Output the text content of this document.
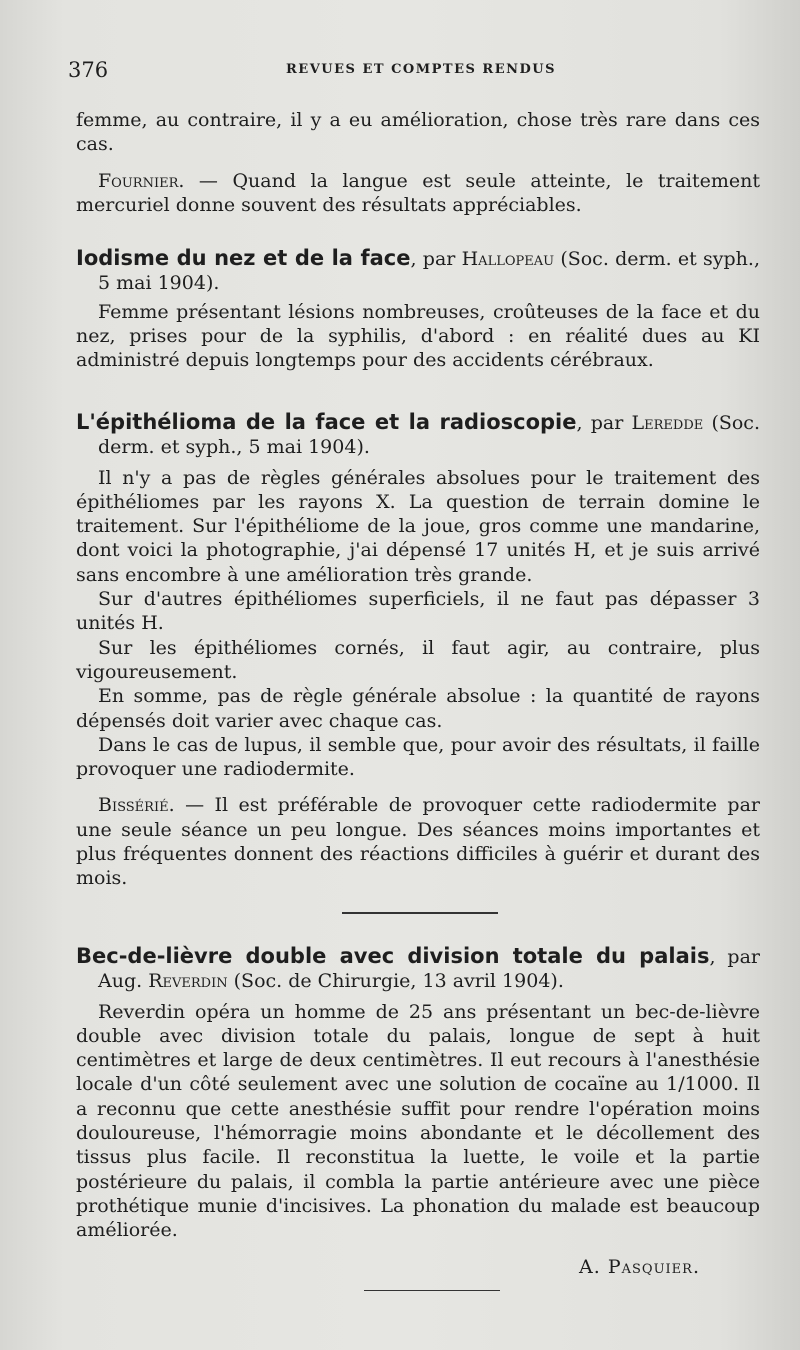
376	REVUES ET COMPTES RENDUS

femme, au contraire, il y a eu amélioration, chose très rare dans ces cas.

Fournier. — Quand la langue est seule atteinte, le traitement mercuriel donne souvent des résultats appréciables.

Iodisme du nez et de la face, par Hallopeau (Soc. derm. et syph., 5 mai 1904).

Femme présentant lésions nombreuses, croûteuses de la face et du nez, prises pour de la syphilis, d'abord : en réalité dues au KI administré depuis longtemps pour des accidents cérébraux.

L'épithélioma de la face et la radioscopie, par Leredde (Soc. derm. et syph., 5 mai 1904).

Il n'y a pas de règles générales absolues pour le traitement des épithéliomes par les rayons X. La question de terrain domine le traitement. Sur l'épithéliome de la joue, gros comme une mandarine, dont voici la photographie, j'ai dépensé 17 unités H, et je suis arrivé sans encombre à une amélioration très grande.

Sur d'autres épithéliomes superficiels, il ne faut pas dépasser 3 unités H.

Sur les épithéliomes cornés, il faut agir, au contraire, plus vigoureusement.

En somme, pas de règle générale absolue : la quantité de rayons dépensés doit varier avec chaque cas.

Dans le cas de lupus, il semble que, pour avoir des résultats, il faille provoquer une radiodermite.

Bissérié. — Il est préférable de provoquer cette radiodermite par une seule séance un peu longue. Des séances moins importantes et plus fréquentes donnent des réactions difficiles à guérir et durant des mois.

Bec-de-lièvre double avec division totale du palais, par Aug. Reverdin (Soc. de Chirurgie, 13 avril 1904).

Reverdin opéra un homme de 25 ans présentant un bec-de-lièvre double avec division totale du palais, longue de sept à huit centimètres et large de deux centimètres. Il eut recours à l'anesthésie locale d'un côté seulement avec une solution de cocaïne au 1/1000. Il a reconnu que cette anesthésie suffit pour rendre l'opération moins douloureuse, l'hémorragie moins abondante et le décollement des tissus plus facile. Il reconstitua la luette, le voile et la partie postérieure du palais, il combla la partie antérieure avec une pièce prothétique munie d'incisives. La phonation du malade est beaucoup améliorée.

A. Pasquier.
